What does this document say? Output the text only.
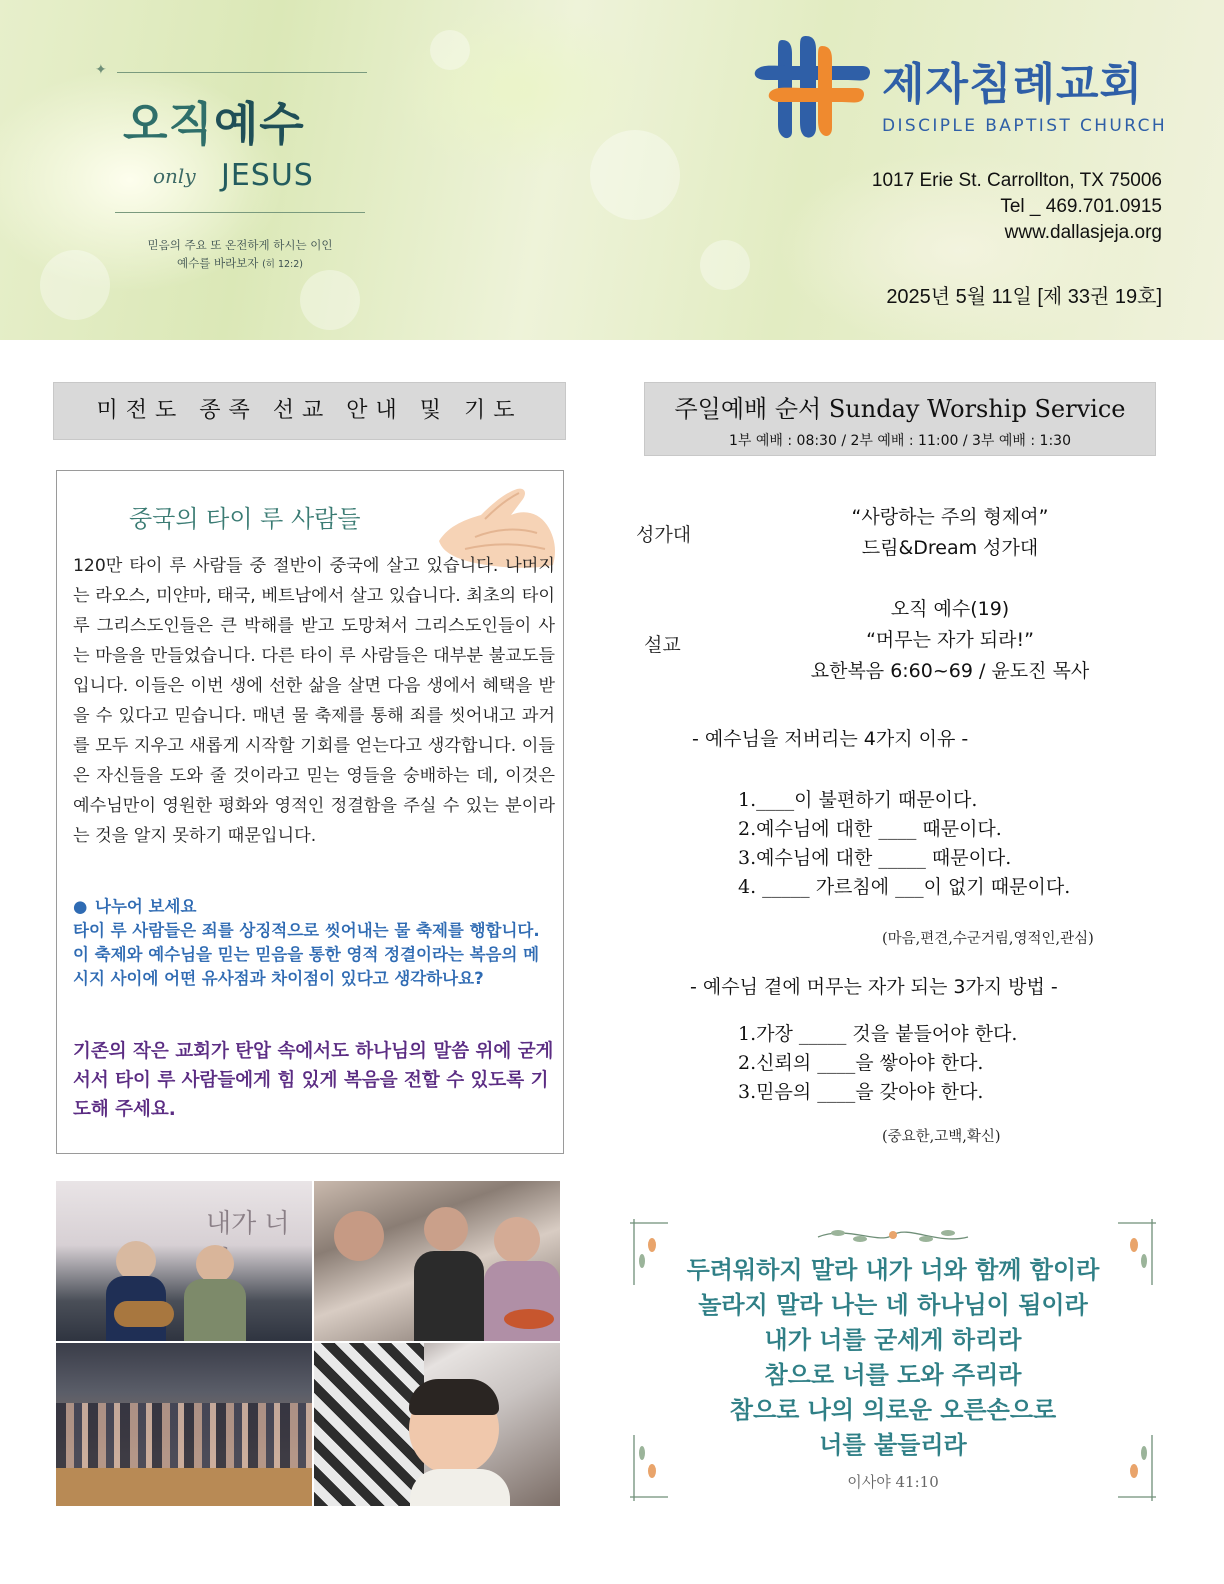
✦
오직예수
only JESUS
믿음의 주요 또 온전하게 하시는 이인
예수를 바라보자 (히 12:2)
제자침례교회
DISCIPLE BAPTIST CHURCH
1017 Erie St. Carrollton, TX 75006
Tel _ 469.701.0915
www.dallasjeja.org
2025년 5월 11일 [제 33권 19호]
미전도 종족 선교 안내 및 기도
중국의 타이 루 사람들
120만 타이 루 사람들 중 절반이 중국에 살고 있습니다. 나머지는 라오스, 미얀마, 태국, 베트남에서 살고 있습니다. 최초의 타이 루 그리스도인들은 큰 박해를 받고 도망쳐서 그리스도인들이 사는 마을을 만들었습니다. 다른 타이 루 사람들은 대부분 불교도들입니다. 이들은 이번 생에 선한 삶을 살면 다음 생에서 혜택을 받을 수 있다고 믿습니다. 매년 물 축제를 통해 죄를 씻어내고 과거를 모두 지우고 새롭게 시작할 기회를 얻는다고 생각합니다. 이들은 자신들을 도와 줄 것이라고 믿는 영들을 숭배하는 데, 이것은 예수님만이 영원한 평화와 영적인 정결함을 주실 수 있는 분이라는 것을 알지 못하기 때문입니다.
● 나누어 보세요
타이 루 사람들은 죄를 상징적으로 씻어내는 물 축제를 행합니다. 이 축제와 예수님을 믿는 믿음을 통한 영적 정결이라는 복음의 메시지 사이에 어떤 유사점과 차이점이 있다고 생각하나요?
기존의 작은 교회가 탄압 속에서도 하나님의 말씀 위에 굳게 서서 타이 루 사람들에게 힘 있게 복음을 전할 수 있도록 기도해 주세요.
내가 너
주일예배 순서 Sunday Worship Service
1부 예배 : 08:30 / 2부 예배 : 11:00 / 3부 예배 : 1:30
성가대
“사랑하는 주의 형제여”
드림&Dream 성가대
설교
오직 예수(19)
“머무는 자가 되라!”
요한복음 6:60~69 / 윤도진 목사
- 예수님을 저버리는 4가지 이유 -
1.____이 불편하기 때문이다.
2.예수님에 대한 ____ 때문이다.
3.예수님에 대한 _____ 때문이다.
4. _____ 가르침에 ___이 없기 때문이다.
(마음,편견,수군거림,영적인,관심)
- 예수님 곁에 머무는 자가 되는 3가지 방법 -
1.가장 _____ 것을 붙들어야 한다.
2.신뢰의 ____을 쌓아야 한다.
3.믿음의 ____을 갖아야 한다.
(중요한,고백,확신)
두려워하지 말라 내가 너와 함께 함이라
놀라지 말라 나는 네 하나님이 됨이라
내가 너를 굳세게 하리라
참으로 너를 도와 주리라
참으로 나의 의로운 오른손으로
너를 붙들리라
이사야 41:10
